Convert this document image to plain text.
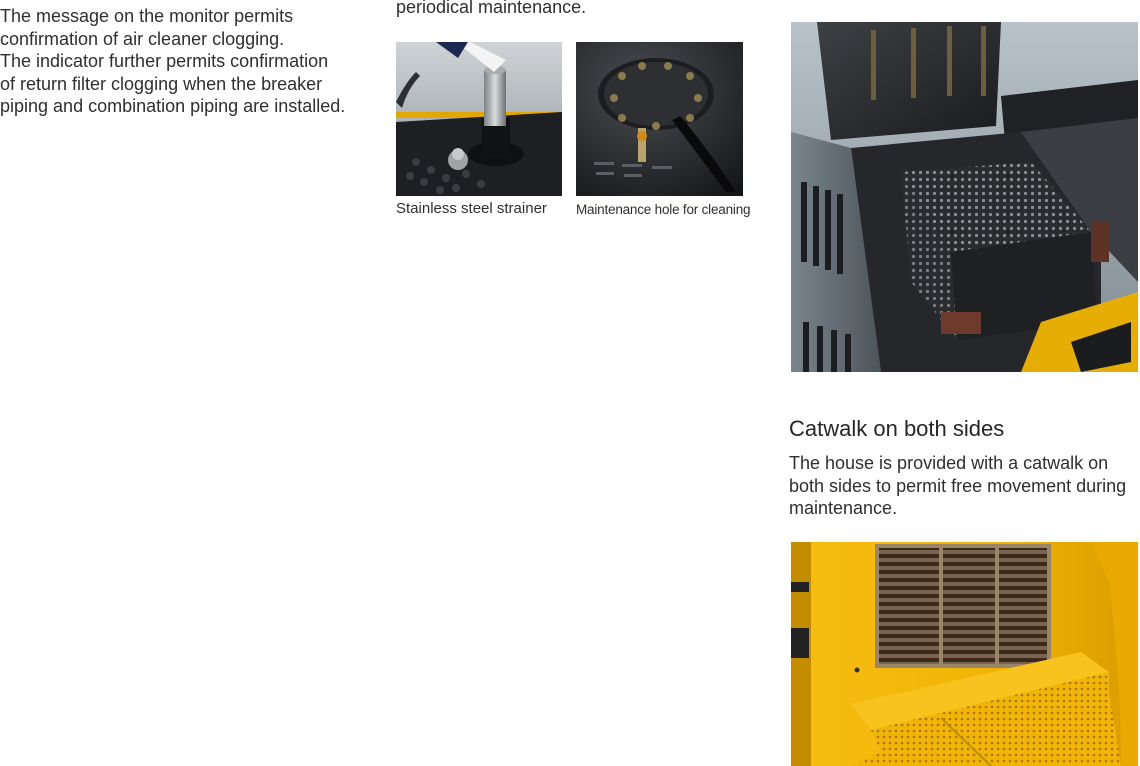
The message on the monitor permits
confirmation of air cleaner clogging.
The indicator further permits confirmation
of return filter clogging when the breaker
piping and combination piping are installed.
periodical maintenance.
Stainless steel strainer Maintenance hole for cleaning
Catwalk on both sides
The house is provided with a catwalk on
both sides to permit free movement during
maintenance.
